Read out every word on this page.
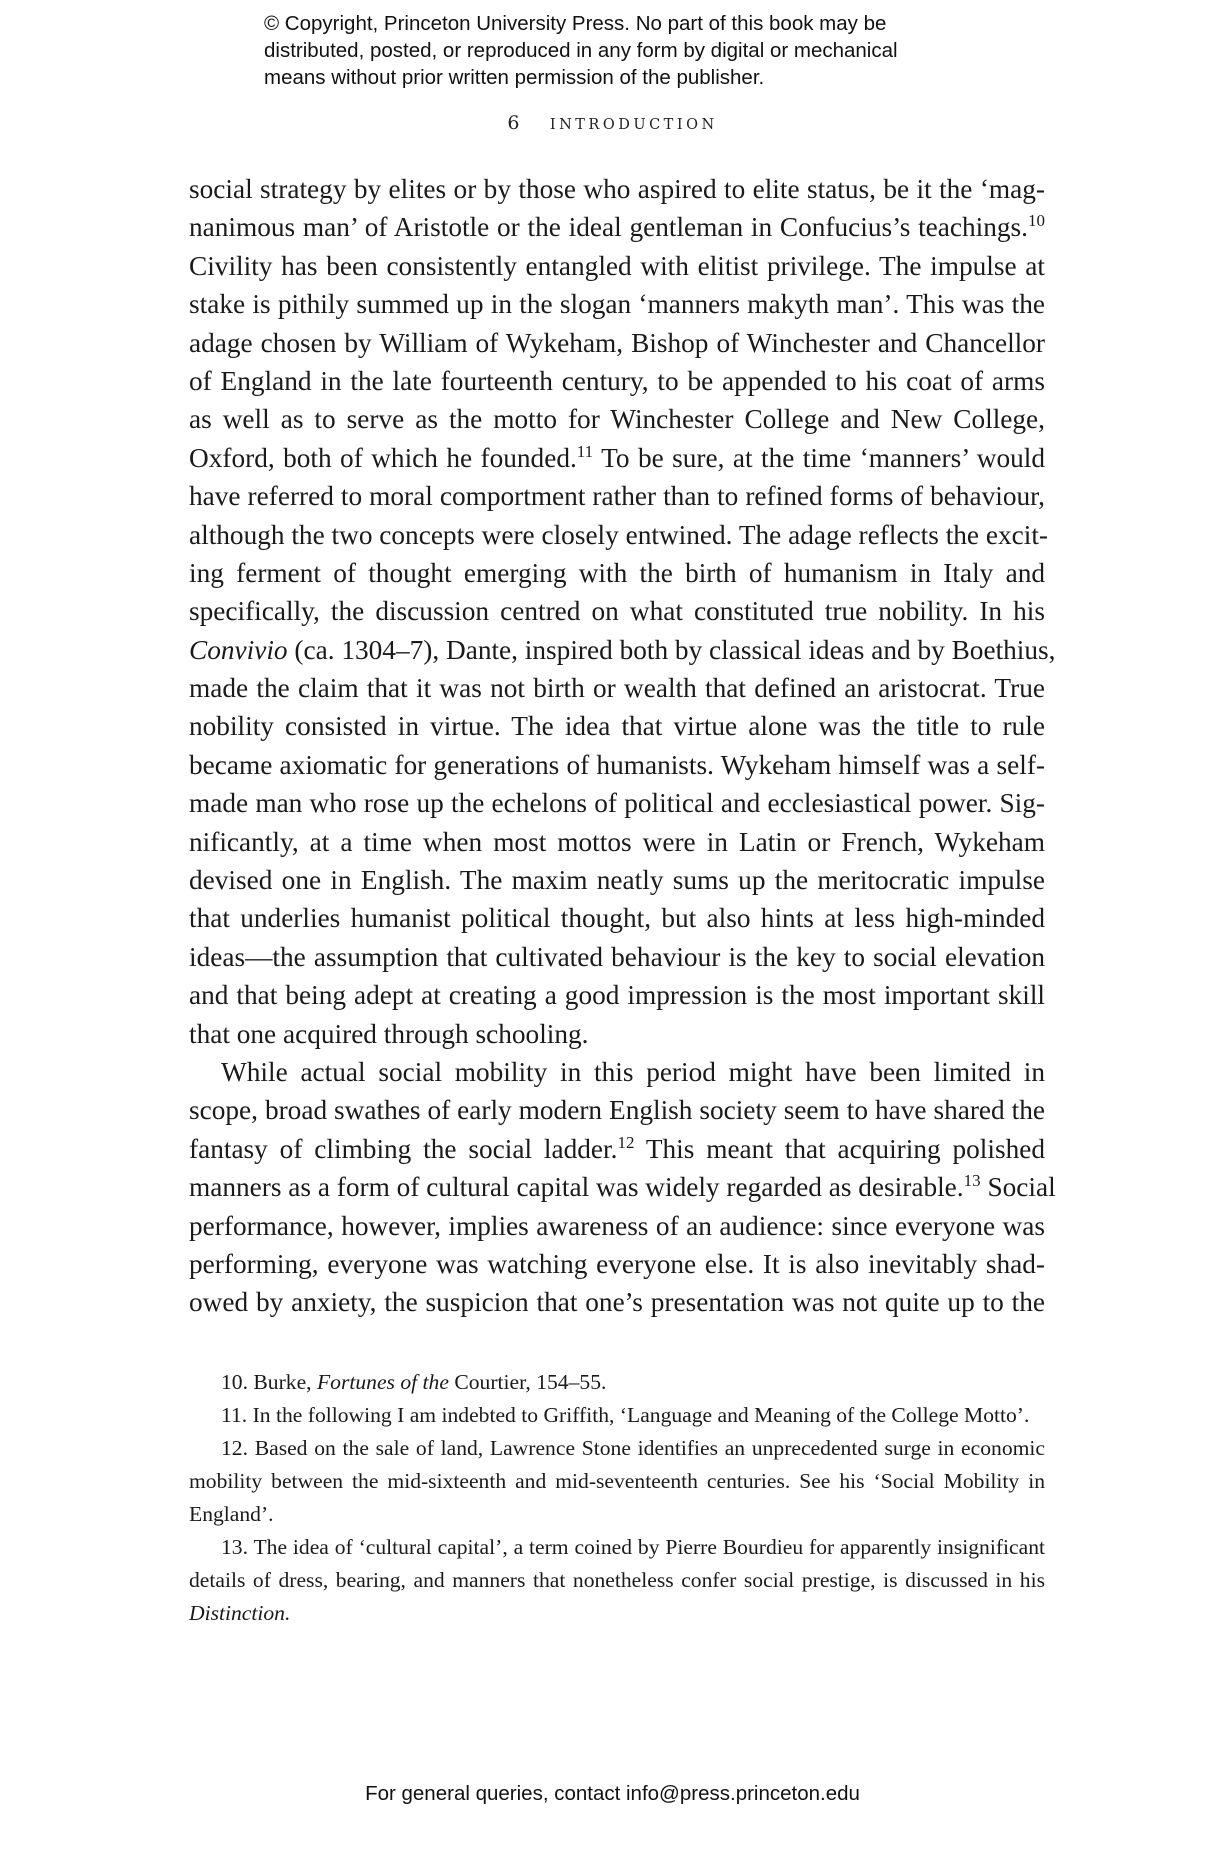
© Copyright, Princeton University Press. No part of this book may be
distributed, posted, or reproduced in any form by digital or mechanical
means without prior written permission of the publisher.
6 INTRODUCTION
social strategy by elites or by those who aspired to elite status, be it the ‘mag-
nanimous man’ of Aristotle or the ideal gentleman in Confucius’s teachings.$^{10}$
Civility has been consistently entangled with elitist privilege. The impulse at
stake is pithily summed up in the slogan ‘manners makyth man’. This was the
adage chosen by William of Wykeham, Bishop of Winchester and Chancellor
of England in the late fourteenth century, to be appended to his coat of arms
as well as to serve as the motto for Winchester College and New College,
Oxford, both of which he founded.$^{11}$ To be sure, at the time ‘manners’ would
have referred to moral comportment rather than to refined forms of behaviour,
although the two concepts were closely entwined. The adage reflects the excit-
ing ferment of thought emerging with the birth of humanism in Italy and
specifically, the discussion centred on what constituted true nobility. In his
Convivio (ca. 1304–7), Dante, inspired both by classical ideas and by Boethius,
made the claim that it was not birth or wealth that defined an aristocrat. True
nobility consisted in virtue. The idea that virtue alone was the title to rule
became axiomatic for generations of humanists. Wykeham himself was a self-
made man who rose up the echelons of political and ecclesiastical power. Sig-
nificantly, at a time when most mottos were in Latin or French, Wykeham
devised one in English. The maxim neatly sums up the meritocratic impulse
that underlies humanist political thought, but also hints at less high-minded
ideas—the assumption that cultivated behaviour is the key to social elevation
and that being adept at creating a good impression is the most important skill
that one acquired through schooling.
While actual social mobility in this period might have been limited in
scope, broad swathes of early modern English society seem to have shared the
fantasy of climbing the social ladder.$^{12}$ This meant that acquiring polished
manners as a form of cultural capital was widely regarded as desirable.$^{13}$ Social
performance, however, implies awareness of an audience: since everyone was
performing, everyone was watching everyone else. It is also inevitably shad-
owed by anxiety, the suspicion that one’s presentation was not quite up to the
10. Burke, Fortunes of the Courtier, 154–55.
11. In the following I am indebted to Griffith, ‘Language and Meaning of the College Motto’.
12. Based on the sale of land, Lawrence Stone identifies an unprecedented surge in economic
mobility between the mid-sixteenth and mid-seventeenth centuries. See his ‘Social Mobility in
England’.
13. The idea of ‘cultural capital’, a term coined by Pierre Bourdieu for apparently insignificant
details of dress, bearing, and manners that nonetheless confer social prestige, is discussed in his
Distinction.
For general queries, contact info@press.princeton.edu
